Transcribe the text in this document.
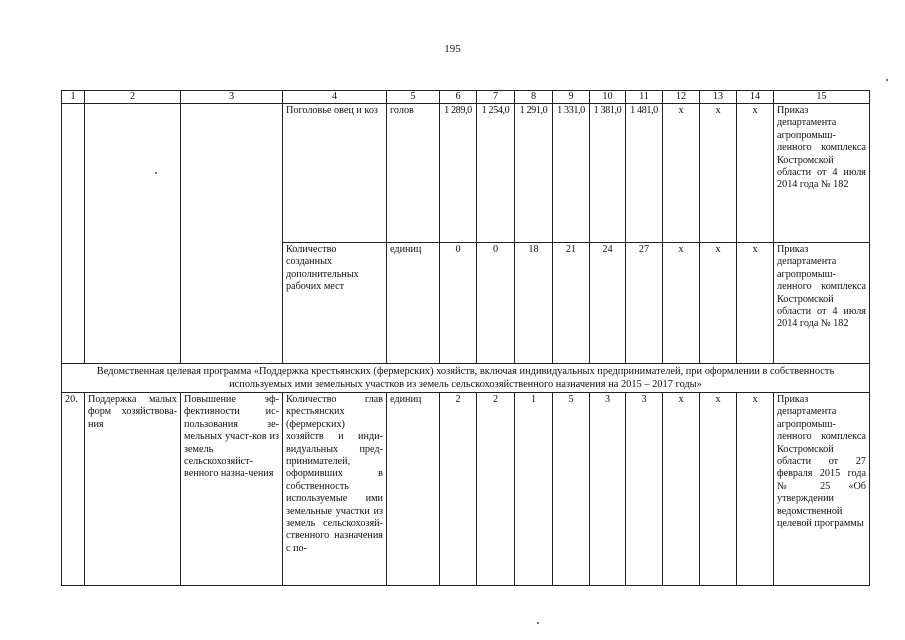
195
1	2	3	4	5	6	7	8	9	10	11	12	13	14	15
			Поголовье овец и коз	голов	1 289,0	1 254,0	1 291,0	1 331,0	1 381,0	1 481,0	х	х	х	Приказ департамента агропромыш-ленного комплекса Костромской области от 4 июля 2014 года № 182
			Количество созданных дополнительных рабочих мест	единиц	0	0	18	21	24	27	х	х	х	Приказ департамента агропромыш-ленного комплекса Костромской области от 4 июля 2014 года № 182
Ведомственная целевая программа «Поддержка крестьянских (фермерских) хозяйств, включая индивидуальных предпринимателей, при оформлении в собственность используемых ими земельных участков из земель сельскохозяйственного назначения на 2015 – 2017 годы»														
20.	Поддержка малых форм хозяйствова-ния	Повышение эф-фективности ис-пользования зе-мельных участ-ков из земель сельскохозяйст-венного назна-чения	Количество глав крестьянских (фермерских) хозяйств и инди-видуальных пред-принимателей, оформивших в собственность используемые ими земельные участки из земель сельскохозяй-ственного назначения с по-	единиц	2	2	1	5	3	3	х	х	х	Приказ департамента агропромыш-ленного комплекса Костромской области от 27 февраля 2015 года № 25 «Об утверждении ведомственной целевой программы
